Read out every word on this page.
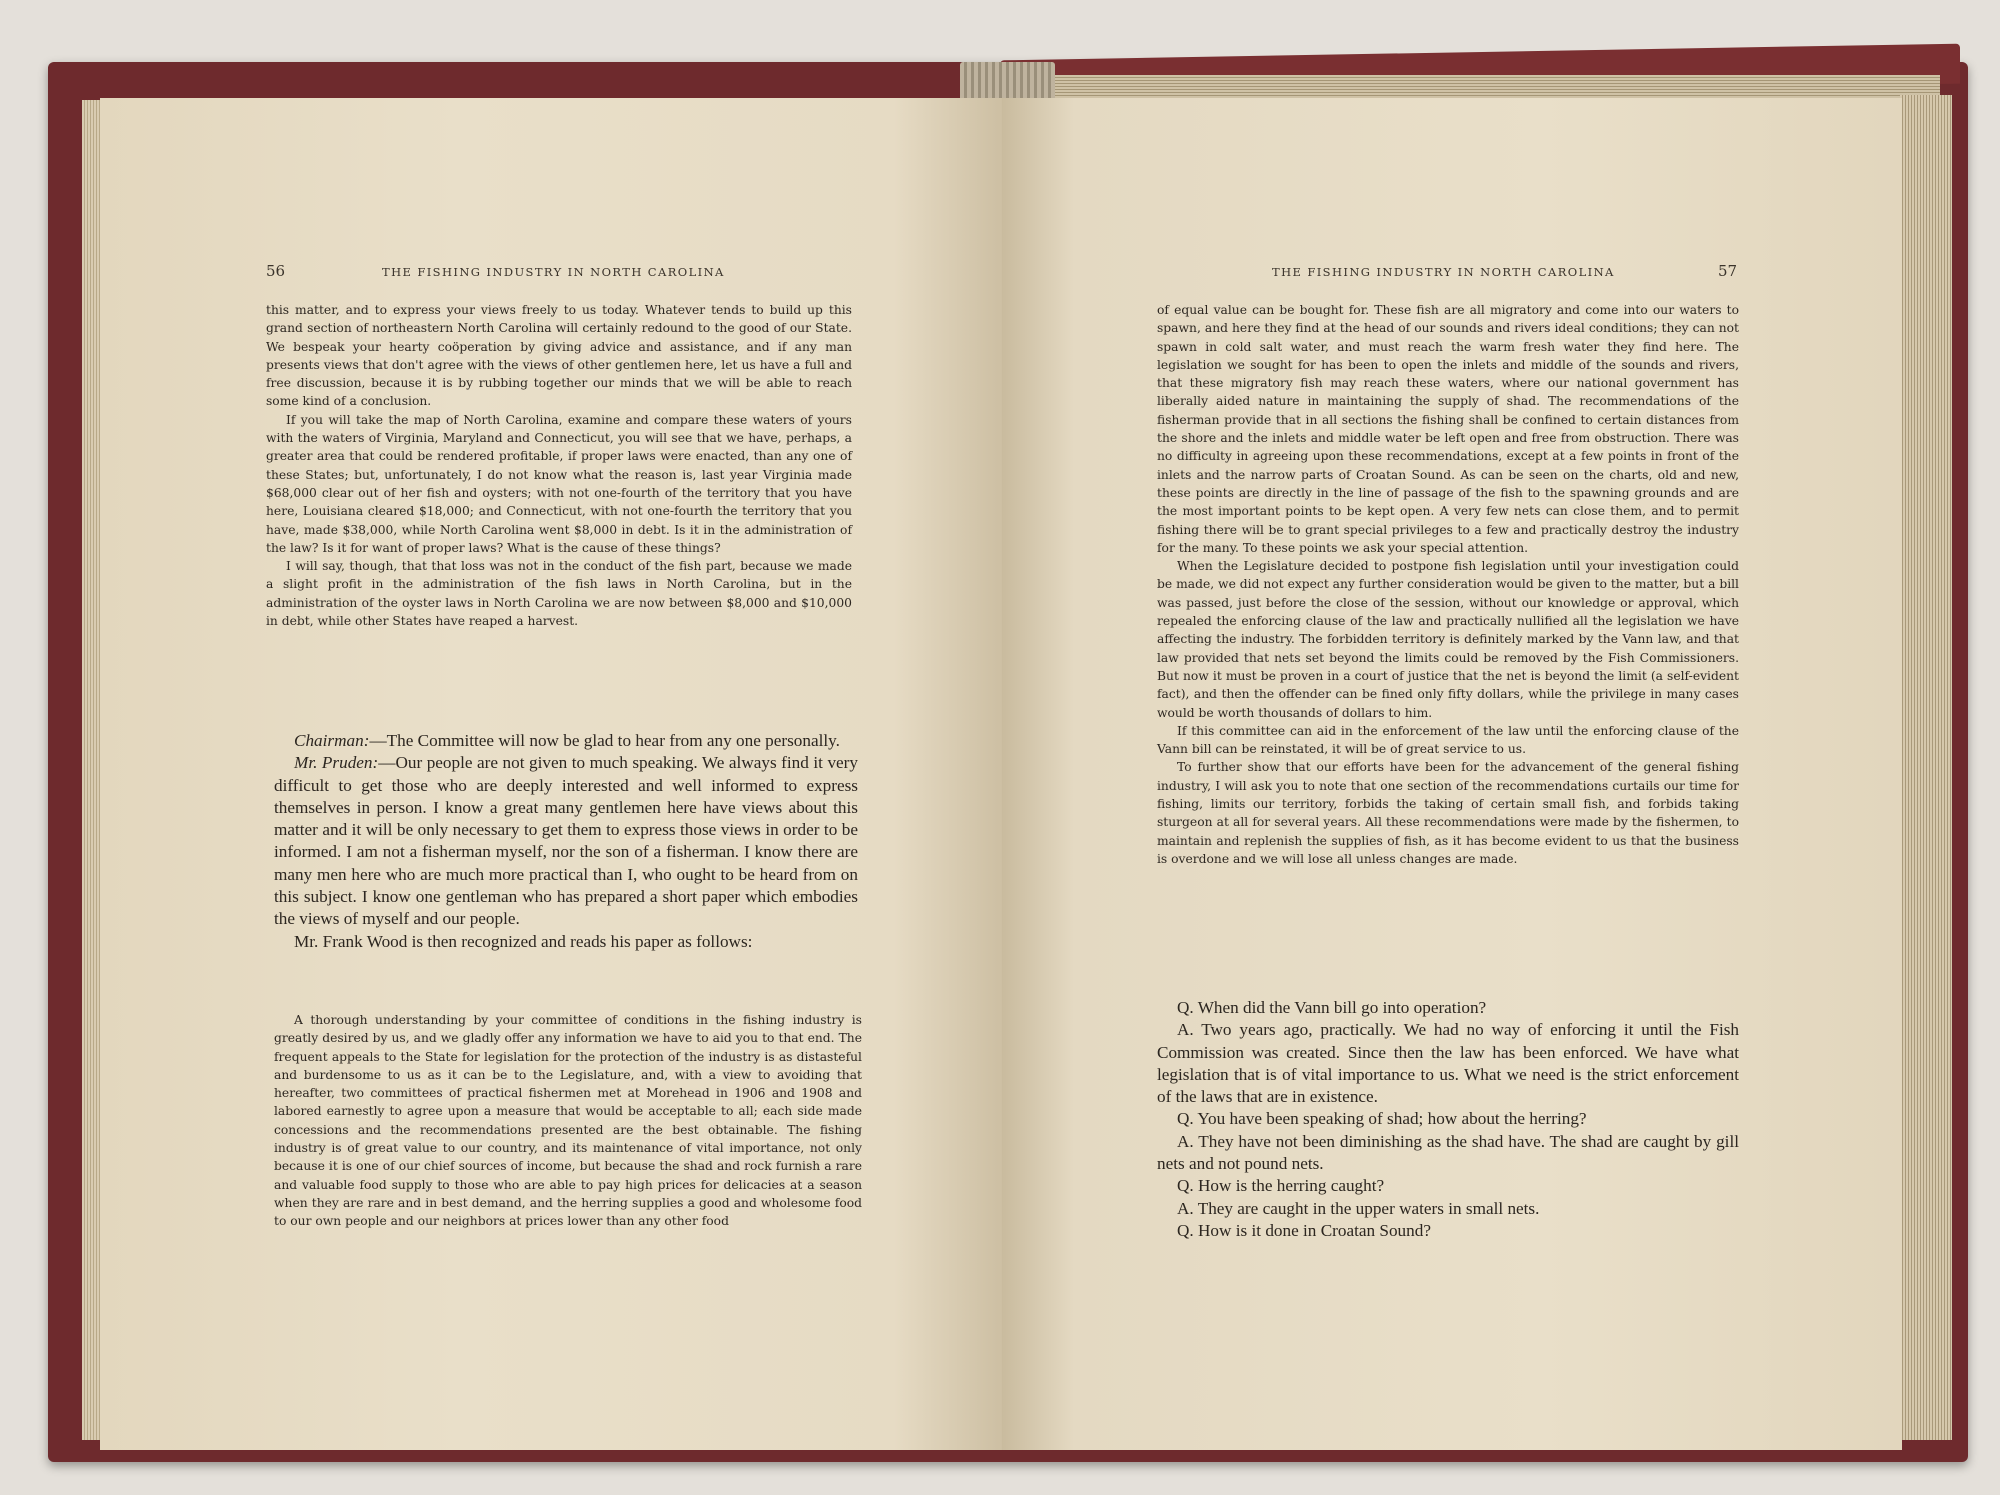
56	THE FISHING INDUSTRY IN NORTH CAROLINA

this matter, and to express your views freely to us today. Whatever tends to build up this grand section of northeastern North Carolina will certainly redound to the good of our State. We bespeak your hearty coöperation by giving advice and assistance, and if any man presents views that don't agree with the views of other gentlemen here, let us have a full and free discussion, because it is by rubbing together our minds that we will be able to reach some kind of a conclusion.

If you will take the map of North Carolina, examine and compare these waters of yours with the waters of Virginia, Maryland and Connecticut, you will see that we have, perhaps, a greater area that could be rendered profitable, if proper laws were enacted, than any one of these States; but, unfortunately, I do not know what the reason is, last year Virginia made $68,000 clear out of her fish and oysters; with not one-fourth of the territory that you have here, Louisiana cleared $18,000; and Connecticut, with not one-fourth the territory that you have, made $38,000, while North Carolina went $8,000 in debt. Is it in the administration of the law? Is it for want of proper laws? What is the cause of these things?

I will say, though, that that loss was not in the conduct of the fish part, because we made a slight profit in the administration of the fish laws in North Carolina, but in the administration of the oyster laws in North Carolina we are now between $8,000 and $10,000 in debt, while other States have reaped a harvest.

Chairman:—The Committee will now be glad to hear from any one personally.

Mr. Pruden:—Our people are not given to much speaking. We always find it very difficult to get those who are deeply interested and well informed to express themselves in person. I know a great many gentlemen here have views about this matter and it will be only necessary to get them to express those views in order to be informed. I am not a fisherman myself, nor the son of a fisherman. I know there are many men here who are much more practical than I, who ought to be heard from on this subject. I know one gentleman who has prepared a short paper which embodies the views of myself and our people.

Mr. Frank Wood is then recognized and reads his paper as follows:

A thorough understanding by your committee of conditions in the fishing industry is greatly desired by us, and we gladly offer any information we have to aid you to that end. The frequent appeals to the State for legislation for the protection of the industry is as distasteful and burdensome to us as it can be to the Legislature, and, with a view to avoiding that hereafter, two committees of practical fishermen met at Morehead in 1906 and 1908 and labored earnestly to agree upon a measure that would be acceptable to all; each side made concessions and the recommendations presented are the best obtainable. The fishing industry is of great value to our country, and its maintenance of vital importance, not only because it is one of our chief sources of income, but because the shad and rock furnish a rare and valuable food supply to those who are able to pay high prices for delicacies at a season when they are rare and in best demand, and the herring supplies a good and wholesome food to our own people and our neighbors at prices lower than any other food

THE FISHING INDUSTRY IN NORTH CAROLINA	57

of equal value can be bought for. These fish are all migratory and come into our waters to spawn, and here they find at the head of our sounds and rivers ideal conditions; they can not spawn in cold salt water, and must reach the warm fresh water they find here. The legislation we sought for has been to open the inlets and middle of the sounds and rivers, that these migratory fish may reach these waters, where our national government has liberally aided nature in maintaining the supply of shad. The recommendations of the fisherman provide that in all sections the fishing shall be confined to certain distances from the shore and the inlets and middle water be left open and free from obstruction. There was no difficulty in agreeing upon these recommendations, except at a few points in front of the inlets and the narrow parts of Croatan Sound. As can be seen on the charts, old and new, these points are directly in the line of passage of the fish to the spawning grounds and are the most important points to be kept open. A very few nets can close them, and to permit fishing there will be to grant special privileges to a few and practically destroy the industry for the many. To these points we ask your special attention.

When the Legislature decided to postpone fish legislation until your investigation could be made, we did not expect any further consideration would be given to the matter, but a bill was passed, just before the close of the session, without our knowledge or approval, which repealed the enforcing clause of the law and practically nullified all the legislation we have affecting the industry. The forbidden territory is definitely marked by the Vann law, and that law provided that nets set beyond the limits could be removed by the Fish Commissioners. But now it must be proven in a court of justice that the net is beyond the limit (a self-evident fact), and then the offender can be fined only fifty dollars, while the privilege in many cases would be worth thousands of dollars to him.

If this committee can aid in the enforcement of the law until the enforcing clause of the Vann bill can be reinstated, it will be of great service to us.

To further show that our efforts have been for the advancement of the general fishing industry, I will ask you to note that one section of the recommendations curtails our time for fishing, limits our territory, forbids the taking of certain small fish, and forbids taking sturgeon at all for several years. All these recommendations were made by the fishermen, to maintain and replenish the supplies of fish, as it has become evident to us that the business is overdone and we will lose all unless changes are made.

Q. When did the Vann bill go into operation?

A. Two years ago, practically. We had no way of enforcing it until the Fish Commission was created. Since then the law has been enforced. We have what legislation that is of vital importance to us. What we need is the strict enforcement of the laws that are in existence.

Q. You have been speaking of shad; how about the herring?

A. They have not been diminishing as the shad have. The shad are caught by gill nets and not pound nets.

Q. How is the herring caught?

A. They are caught in the upper waters in small nets.

Q. How is it done in Croatan Sound?
